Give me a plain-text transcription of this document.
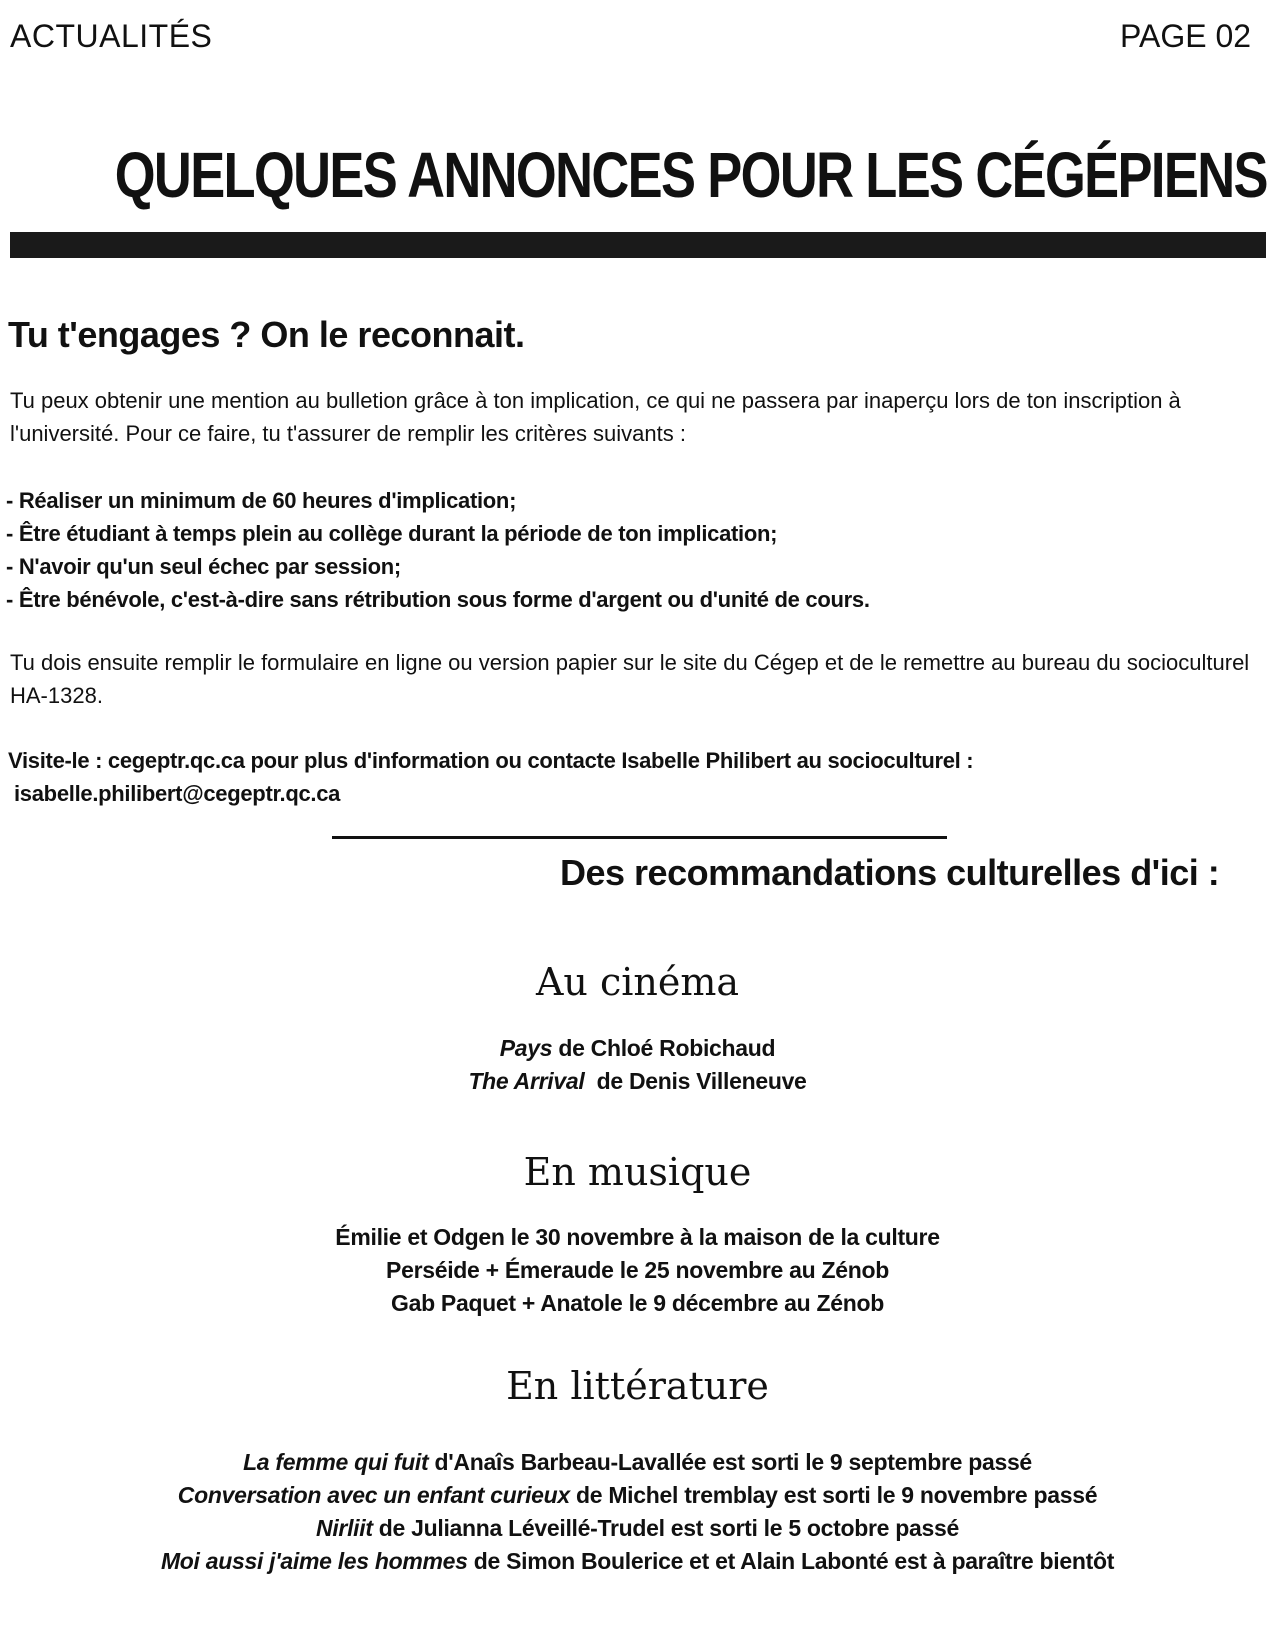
ACTUALITÉS	PAGE 02
QUELQUES ANNONCES POUR LES CÉGÉPIENS
Tu t'engages ? On le reconnait.
Tu peux obtenir une mention au bulletion grâce à ton implication, ce qui ne passera par inaperçu lors de ton inscription à l'université. Pour ce faire, tu t'assurer de remplir les critères suivants :
- Réaliser un minimum de 60 heures d'implication;
- Être étudiant à temps plein au collège durant la période de ton implication;
- N'avoir qu'un seul échec par session;
- Être bénévole, c'est-à-dire sans rétribution sous forme d'argent ou d'unité de cours.
Tu dois ensuite remplir le formulaire en ligne ou version papier sur le site du Cégep et de le remettre au bureau du socioculturel HA-1328.
Visite-le : cegeptr.qc.ca pour plus d'information ou contacte Isabelle Philibert au socioculturel :
isabelle.philibert@cegeptr.qc.ca
Des recommandations culturelles d'ici :
Au cinéma
Pays de Chloé Robichaud
The Arrival  de Denis Villeneuve
En musique
Émilie et Odgen le 30 novembre à la maison de la culture
Perséide + Émeraude le 25 novembre au Zénob
Gab Paquet + Anatole le 9 décembre au Zénob
En littérature
La femme qui fuit d'Anaîs Barbeau-Lavallée est sorti le 9 septembre passé
Conversation avec un enfant curieux de Michel tremblay est sorti le 9 novembre passé
Nirliit de Julianna Léveillé-Trudel est sorti le 5 octobre passé
Moi aussi j'aime les hommes de Simon Boulerice et et Alain Labonté est à paraître bientôt
